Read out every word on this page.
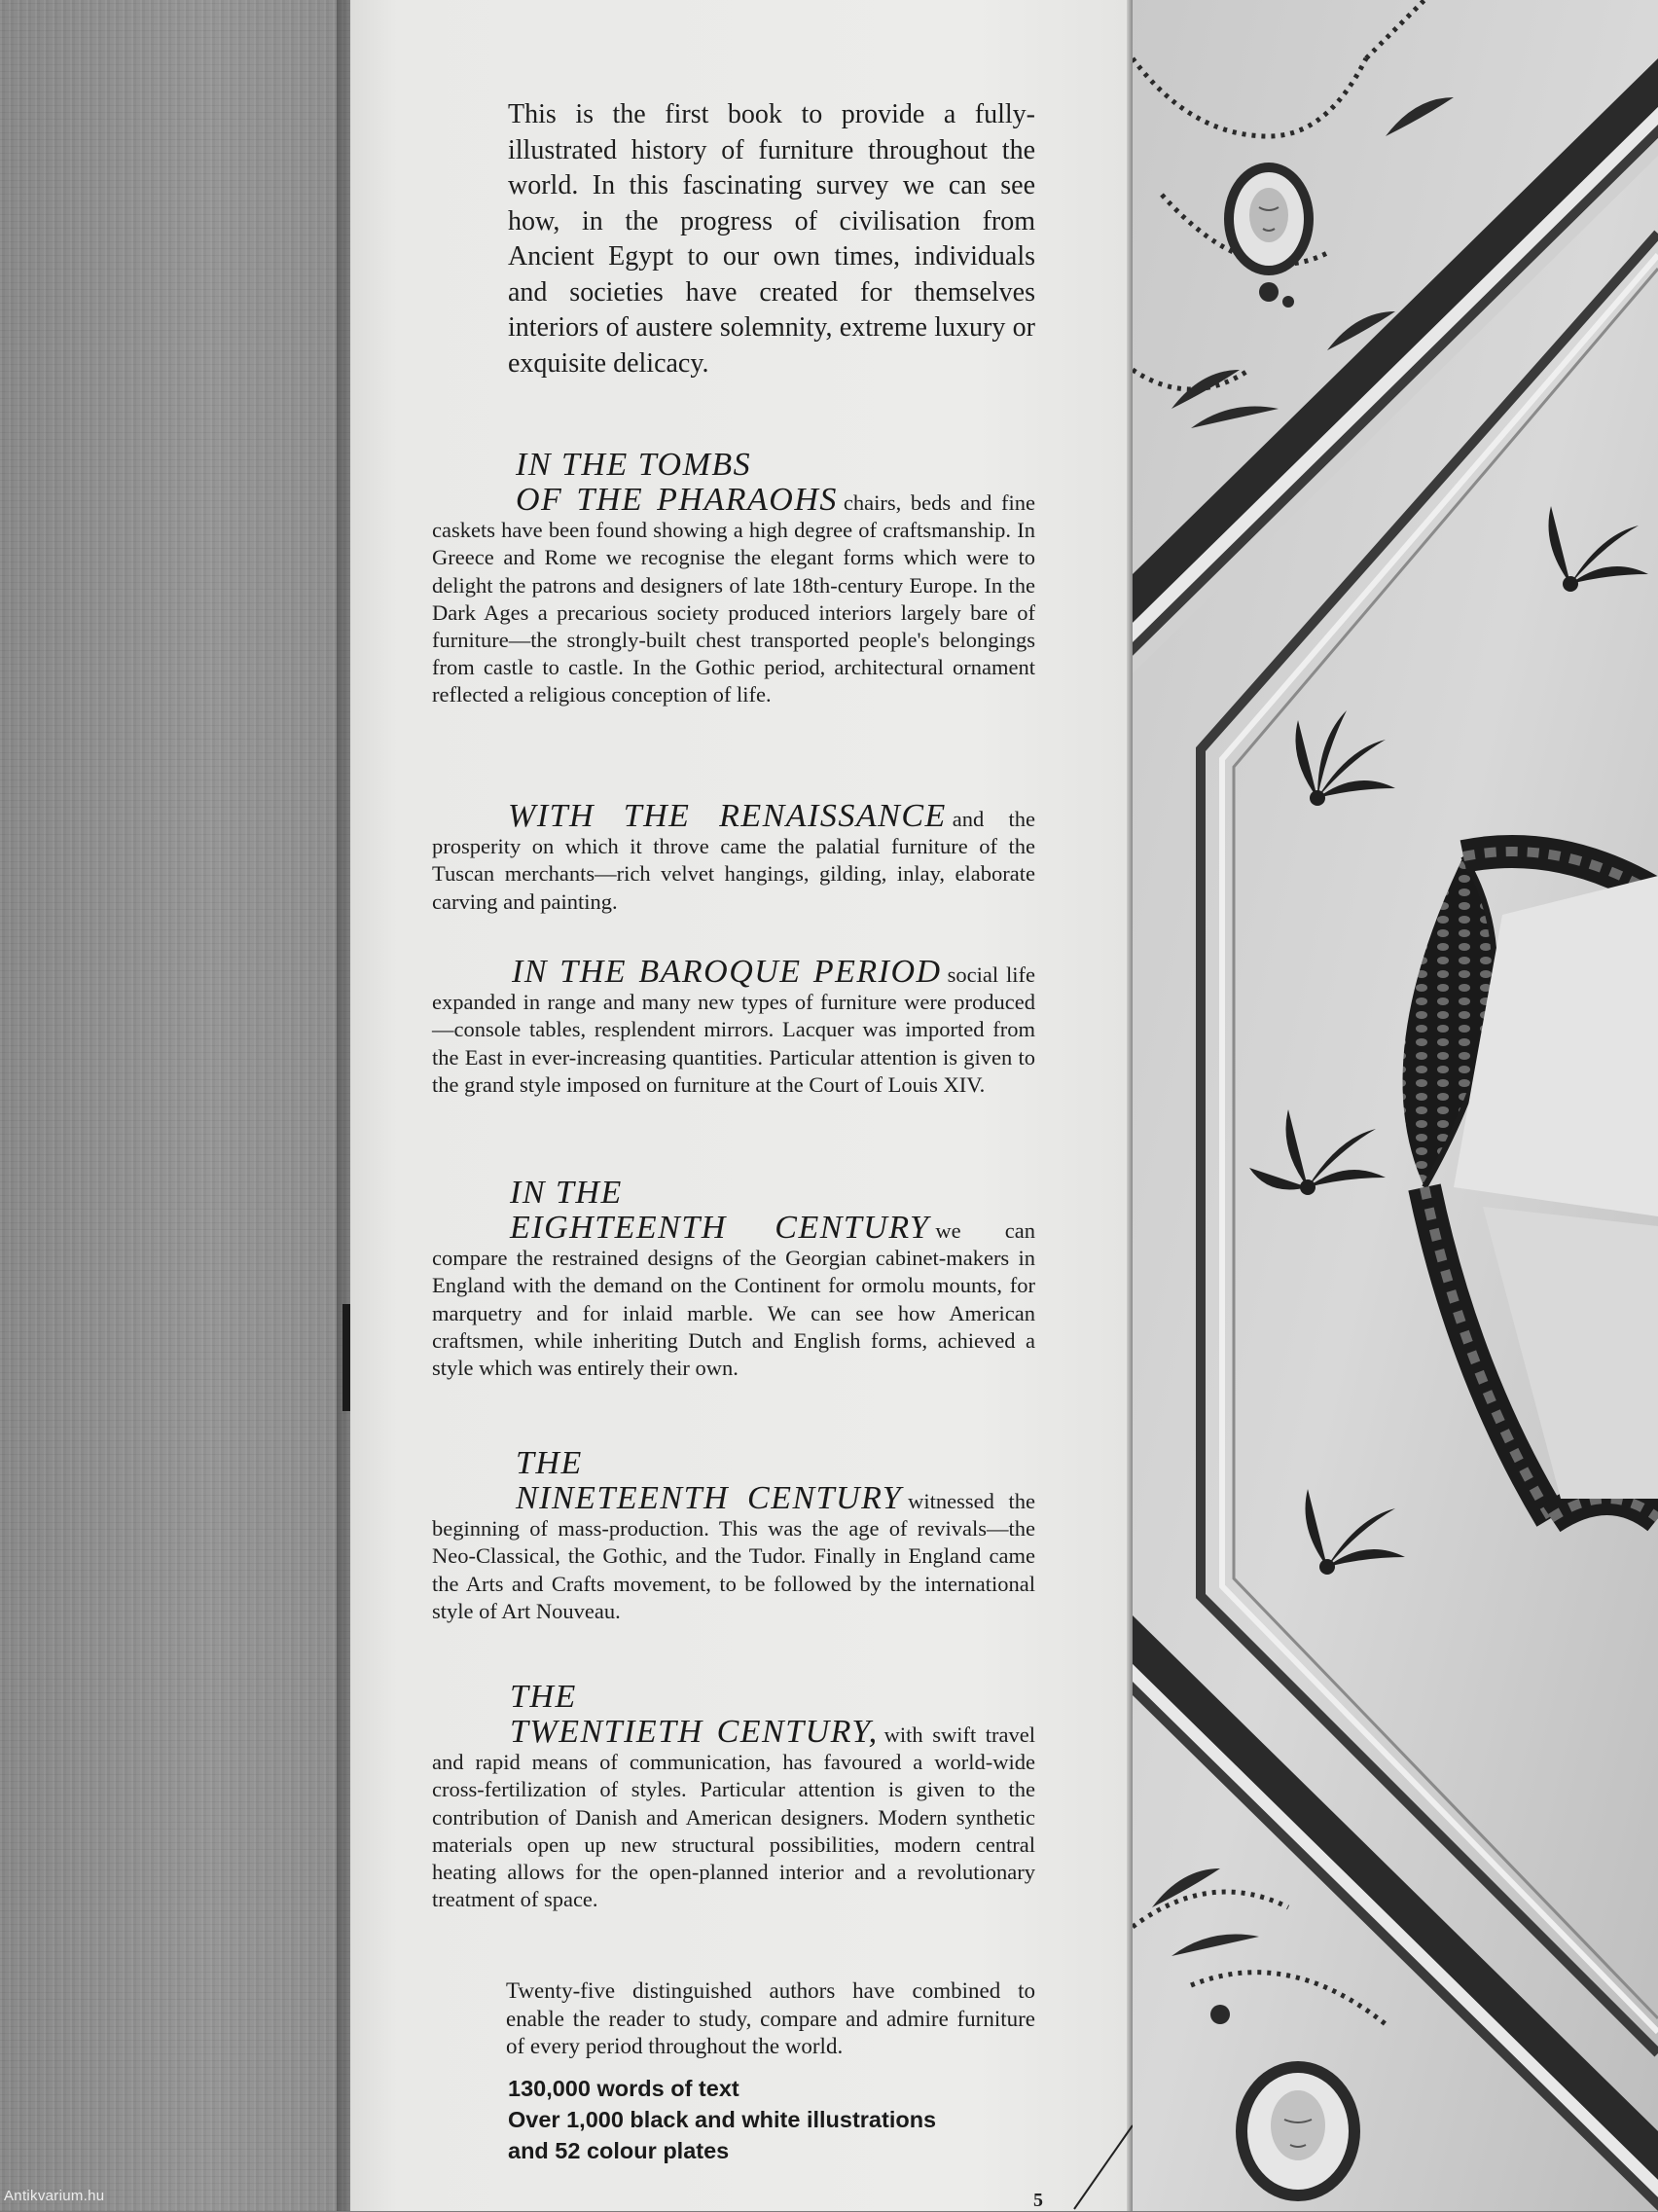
This is the first book to provide a fully-illustrated history of furniture throughout the world. In this fascinating survey we can see how, in the progress of civilisation from Ancient Egypt to our own times, individuals and societies have created for themselves interiors of austere solemnity, extreme luxury or exquisite delicacy.

IN THE TOMBS
OF THE PHARAOHS chairs, beds and fine caskets have been found showing a high degree of craftsmanship. In Greece and Rome we recognise the elegant forms which were to delight the patrons and designers of late 18th-century Europe. In the Dark Ages a precarious society produced interiors largely bare of furniture—the strongly-built chest transported people's belongings from castle to castle. In the Gothic period, architectural ornament reflected a religious conception of life.
WITH THE RENAISSANCE and the prosperity on which it throve came the palatial furniture of the Tuscan merchants—rich velvet hangings, gilding, inlay, elaborate carving and painting.
IN THE BAROQUE PERIOD social life expanded in range and many new types of furniture were produced—console tables, resplendent mirrors. Lacquer was imported from the East in ever-increasing quantities. Particular attention is given to the grand style imposed on furniture at the Court of Louis XIV.
IN THE
EIGHTEENTH CENTURY we can compare the restrained designs of the Georgian cabinet-makers in England with the demand on the Continent for ormolu mounts, for marquetry and for inlaid marble. We can see how American craftsmen, while inheriting Dutch and English forms, achieved a style which was entirely their own.
THE
NINETEENTH CENTURY witnessed the beginning of mass-production. This was the age of revivals—the Neo-Classical, the Gothic, and the Tudor. Finally in England came the Arts and Crafts movement, to be followed by the international style of Art Nouveau.
THE
TWENTIETH CENTURY, with swift travel and rapid means of communication, has favoured a world-wide cross-fertilization of styles. Particular attention is given to the contribution of Danish and American designers. Modern synthetic materials open up new structural possibilities, modern central heating allows for the open-planned interior and a revolutionary treatment of space.

Twenty-five distinguished authors have combined to enable the reader to study, compare and admire furniture of every period throughout the world.

130,000 words of text
Over 1,000 black and white illustrations
and 52 colour plates
5
Antikvarium.hu
